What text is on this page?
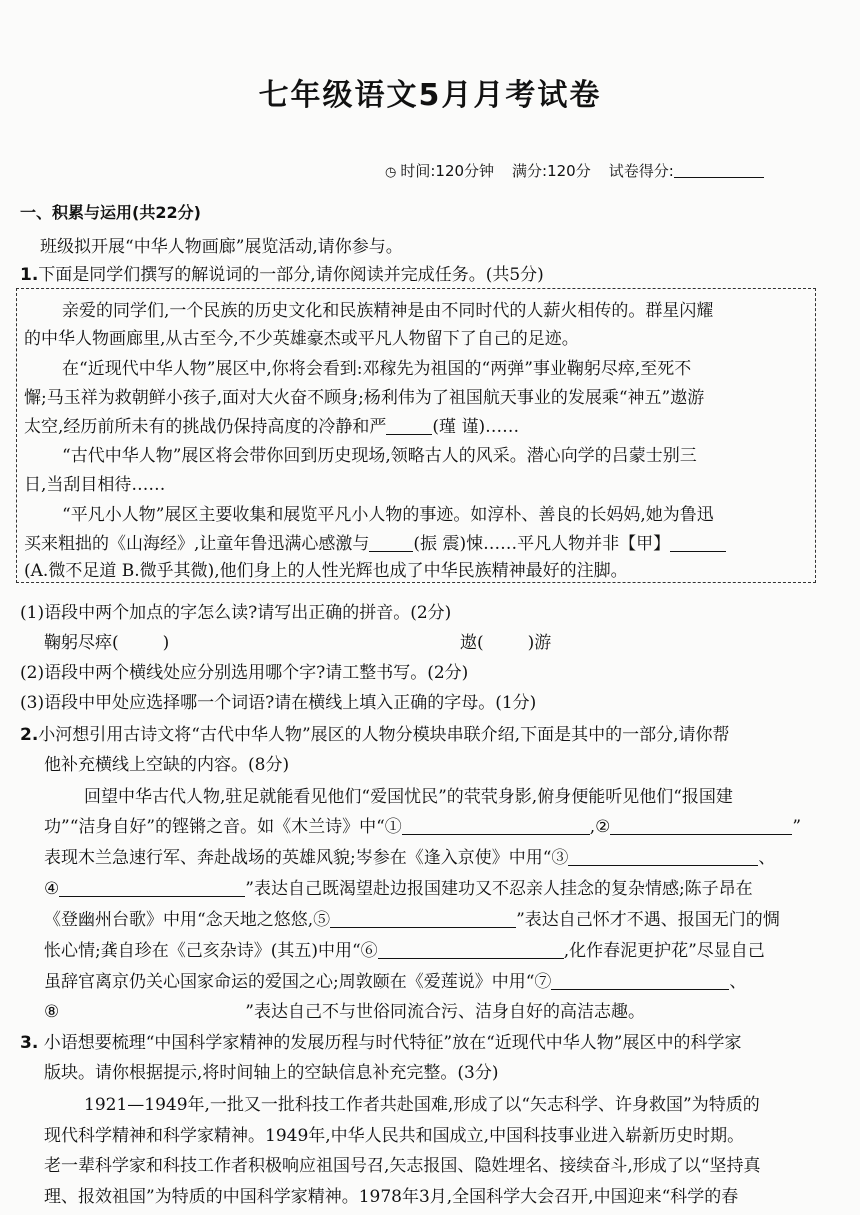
七年级语文5月月考试卷
◷ 时间:120分钟 满分:120分 试卷得分:
一、积累与运用(共22分)
班级拟开展“中华人物画廊”展览活动,请你参与。
1.下面是同学们撰写的解说词的一部分,请你阅读并完成任务。(共5分)
亲爱的同学们,一个民族的历史文化和民族精神是由不同时代的人薪火相传的。群星闪耀
的中华人物画廊里,从古至今,不少英雄豪杰或平凡人物留下了自己的足迹。
在“近现代中华人物”展区中,你将会看到:邓稼先为祖国的“两弹”事业鞠躬尽瘁,至死不
懈;马玉祥为救朝鲜小孩子,面对大火奋不顾身;杨利伟为了祖国航天事业的发展乘“神五”遨游
太空,经历前所未有的挑战仍保持高度的冷静和严	(瑾 谨)……
“古代中华人物”展区将会带你回到历史现场,领略古人的风采。潜心向学的吕蒙士别三
日,当刮目相待……
“平凡小人物”展区主要收集和展览平凡小人物的事迹。如淳朴、善良的长妈妈,她为鲁迅
买来粗拙的《山海经》,让童年鲁迅满心感激与	(振 震)悚……平凡人物并非【甲】
(A.微不足道 B.微乎其微),他们身上的人性光辉也成了中华民族精神最好的注脚。
(1)语段中两个加点的字怎么读?请写出正确的拼音。(2分)
鞠躬尽瘁(	)	遨(	)游
(2)语段中两个横线处应分别选用哪个字?请工整书写。(2分)
(3)语段中甲处应选择哪一个词语?请在横线上填入正确的字母。(1分)
2.小河想引用古诗文将“古代中华人物”展区的人物分模块串联介绍,下面是其中的一部分,请你帮
他补充横线上空缺的内容。(8分)
回望中华古代人物,驻足就能看见他们“爱国忧民”的茕茕身影,俯身便能听见他们“报国建
功”“洁身自好”的铿锵之音。如《木兰诗》中“①	,②	”
表现木兰急速行军、奔赴战场的英雄风貌;岑参在《逢入京使》中用“③	、
④	”表达自己既渴望赴边报国建功又不忍亲人挂念的复杂情感;陈子昂在
《登幽州台歌》中用“念天地之悠悠,⑤	”表达自己怀才不遇、报国无门的惆
怅心情;龚自珍在《己亥杂诗》(其五)中用“⑥	,化作春泥更护花”尽显自己
虽辞官离京仍关心国家命运的爱国之心;周敦颐在《爱莲说》中用“⑦	、
⑧	”表达自己不与世俗同流合污、洁身自好的高洁志趣。
3. 小语想要梳理“中国科学家精神的发展历程与时代特征”放在“近现代中华人物”展区中的科学家
版块。请你根据提示,将时间轴上的空缺信息补充完整。(3分)
1921—1949年,一批又一批科技工作者共赴国难,形成了以“矢志科学、许身救国”为特质的
现代科学精神和科学家精神。1949年,中华人民共和国成立,中国科技事业进入崭新历史时期。
老一辈科学家和科技工作者积极响应祖国号召,矢志报国、隐姓埋名、接续奋斗,形成了以“坚持真
理、报效祖国”为特质的中国科学家精神。1978年3月,全国科学大会召开,中国迎来“科学的春
